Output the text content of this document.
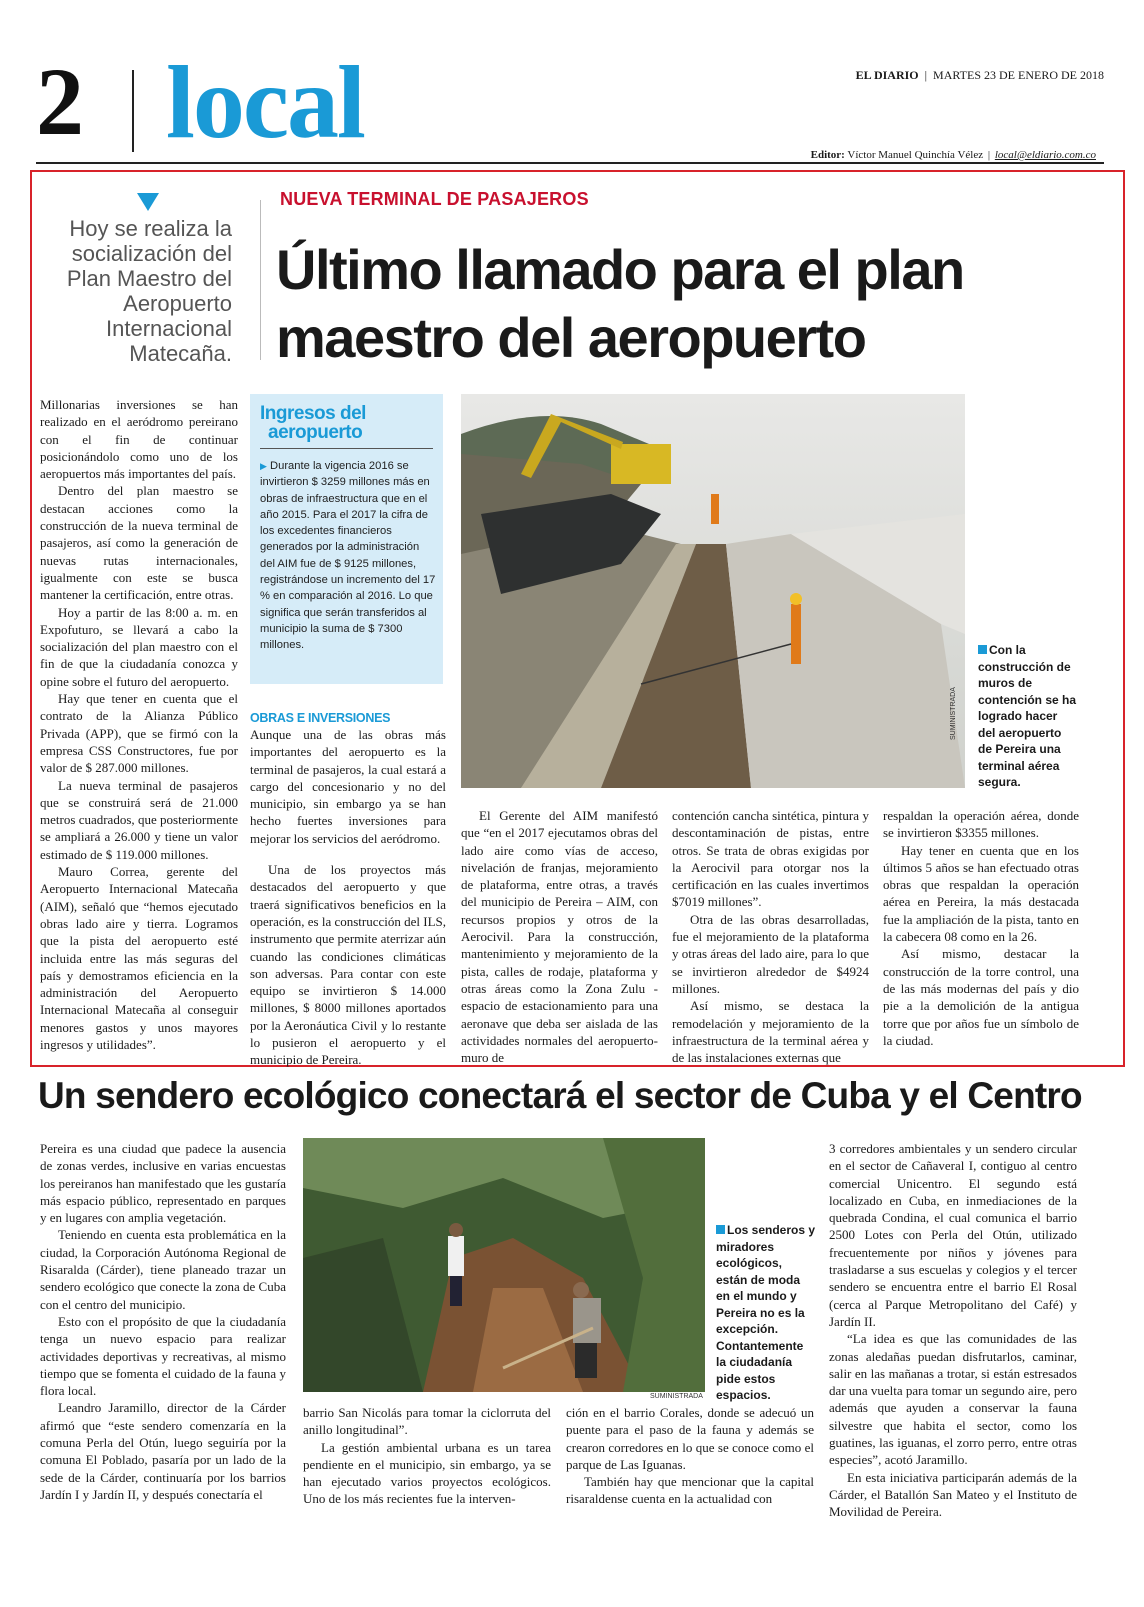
2 local	EL DIARIO | MARTES 23 DE ENERO DE 2018
Editor: Víctor Manuel Quinchía Vélez | local@eldiario.com.co
Hoy se realiza la socialización del Plan Maestro del Aeropuerto Internacional Matecaña.
NUEVA TERMINAL DE PASAJEROS
Último llamado para el plan
maestro del aeropuerto

Millonarias inversiones se han realizado en el aeródromo pereirano con el fin de continuar posicionándolo como uno de los aeropuertos más importantes del país.

Dentro del plan maestro se destacan acciones como la construcción de la nueva terminal de pasajeros, así como la generación de nuevas rutas internacionales, igualmente con este se busca mantener la certificación, entre otras.

Hoy a partir de las 8:00 a. m. en Expofuturo, se llevará a cabo la socialización del plan maestro con el fin de que la ciudadanía conozca y opine sobre el futuro del aeropuerto.

Hay que tener en cuenta que el contrato de la Alianza Público Privada (APP), que se firmó con la empresa CSS Constructores, fue por valor de $ 287.000 millones.

La nueva terminal de pasajeros que se construirá será de 21.000 metros cuadrados, que posteriormente se ampliará a 26.000 y tiene un valor estimado de $ 119.000 millones.

Mauro Correa, gerente del Aeropuerto Internacional Matecaña (AIM), señaló que “hemos ejecutado obras lado aire y tierra. Logramos que la pista del aeropuerto esté incluida entre las más seguras del país y demostramos eficiencia en la administración del Aeropuerto Internacional Matecaña al conseguir menores gastos y unos mayores ingresos y utilidades”.

Ingresos del
aeropuerto
▶ Durante la vigencia 2016 se invirtieron $ 3259 millones más en obras de infraestructura que en el año 2015. Para el 2017 la cifra de los excedentes financieros generados por la administración del AIM fue de $ 9125 millones, registrándose un incremento del 17 % en comparación al 2016. Lo que significa que serán transferidos al municipio la suma de $ 7300 millones.
OBRAS E INVERSIONES

Aunque una de las obras más importantes del aeropuerto es la terminal de pasajeros, la cual estará a cargo del concesionario y no del municipio, sin embargo ya se han hecho fuertes inversiones para mejorar los servicios del aeródromo.

Una de los proyectos más destacados del aeropuerto y que traerá significativos beneficios en la operación, es la construcción del ILS, instrumento que permite aterrizar aún cuando las condiciones climáticas son adversas. Para contar con este equipo se invirtieron $ 14.000 millones, $ 8000 millones aportados por la Aeronáutica Civil y lo restante lo pusieron el aeropuerto y el municipio de Pereira.

SUMINISTRADA
Con la construcción de muros de contención se ha logrado hacer del aeropuerto de Pereira una terminal aérea segura.

El Gerente del AIM manifestó que “en el 2017 ejecutamos obras del lado aire como vías de acceso, nivelación de franjas, mejoramiento de plataforma, entre otras, a través del municipio de Pereira – AIM, con recursos propios y otros de la Aerocivil. Para la construcción, mantenimiento y mejoramiento de la pista, calles de rodaje, plataforma y otras áreas como la Zona Zulu -espacio de estacionamiento para una aeronave que deba ser aislada de las actividades normales del aeropuerto- muro de

contención cancha sintética, pintura y descontaminación de pistas, entre otros. Se trata de obras exigidas por la Aerocivil para otorgar nos la certificación en las cuales invertimos $7019 millones”.

Otra de las obras desarrolladas, fue el mejoramiento de la plataforma y otras áreas del lado aire, para lo que se invirtieron alrededor de $4924 millones.

Así mismo, se destaca la remodelación y mejoramiento de la infraestructura de la terminal aérea y de las instalaciones externas que

respaldan la operación aérea, donde se invirtieron $3355 millones.

Hay tener en cuenta que en los últimos 5 años se han efectuado otras obras que respaldan la operación aérea en Pereira, la más destacada fue la ampliación de la pista, tanto en la cabecera 08 como en la 26.

Así mismo, destacar la construcción de la torre control, una de las más modernas del país y dio pie a la demolición de la antigua torre que por años fue un símbolo de la ciudad.

Un sendero ecológico conectará el sector de Cuba y el Centro

Pereira es una ciudad que padece la ausencia de zonas verdes, inclusive en varias encuestas los pereiranos han manifestado que les gustaría más espacio público, representado en parques y en lugares con amplia vegetación.

Teniendo en cuenta esta problemática en la ciudad, la Corporación Autónoma Regional de Risaralda (Cárder), tiene planeado trazar un sendero ecológico que conecte la zona de Cuba con el centro del municipio.

Esto con el propósito de que la ciudadanía tenga un nuevo espacio para realizar actividades deportivas y recreativas, al mismo tiempo que se fomenta el cuidado de la fauna y flora local.

Leandro Jaramillo, director de la Cárder afirmó que “este sendero comenzaría en la comuna Perla del Otún, luego seguiría por la comuna El Poblado, pasaría por un lado de la sede de la Cárder, continuaría por los barrios Jardín I y Jardín II, y después conectaría el

SUMINISTRADA
Los senderos y miradores ecológicos, están de moda en el mundo y Pereira no es la excepción. Contantemente la ciudadanía pide estos espacios.

barrio San Nicolás para tomar la ciclorruta del anillo longitudinal”.

La gestión ambiental urbana es un tarea pendiente en el municipio, sin embargo, ya se han ejecutado varios proyectos ecológicos. Uno de los más recientes fue la interven-

ción en el barrio Corales, donde se adecuó un puente para el paso de la fauna y además se crearon corredores en lo que se conoce como el parque de Las Iguanas.

También hay que mencionar que la capital risaraldense cuenta en la actualidad con

3 corredores ambientales y un sendero circular en el sector de Cañaveral I, contiguo al centro comercial Unicentro. El segundo está localizado en Cuba, en inmediaciones de la quebrada Condina, el cual comunica el barrio 2500 Lotes con Perla del Otún, utilizado frecuentemente por niños y jóvenes para trasladarse a sus escuelas y colegios y el tercer sendero se encuentra entre el barrio El Rosal (cerca al Parque Metropolitano del Café) y Jardín II.

“La idea es que las comunidades de las zonas aledañas puedan disfrutarlos, caminar, salir en las mañanas a trotar, si están estresados dar una vuelta para tomar un segundo aire, pero además que ayuden a conservar la fauna silvestre que habita el sector, como los guatines, las iguanas, el zorro perro, entre otras especies”, acotó Jaramillo.

En esta iniciativa participarán además de la Cárder, el Batallón San Mateo y el Instituto de Movilidad de Pereira.
